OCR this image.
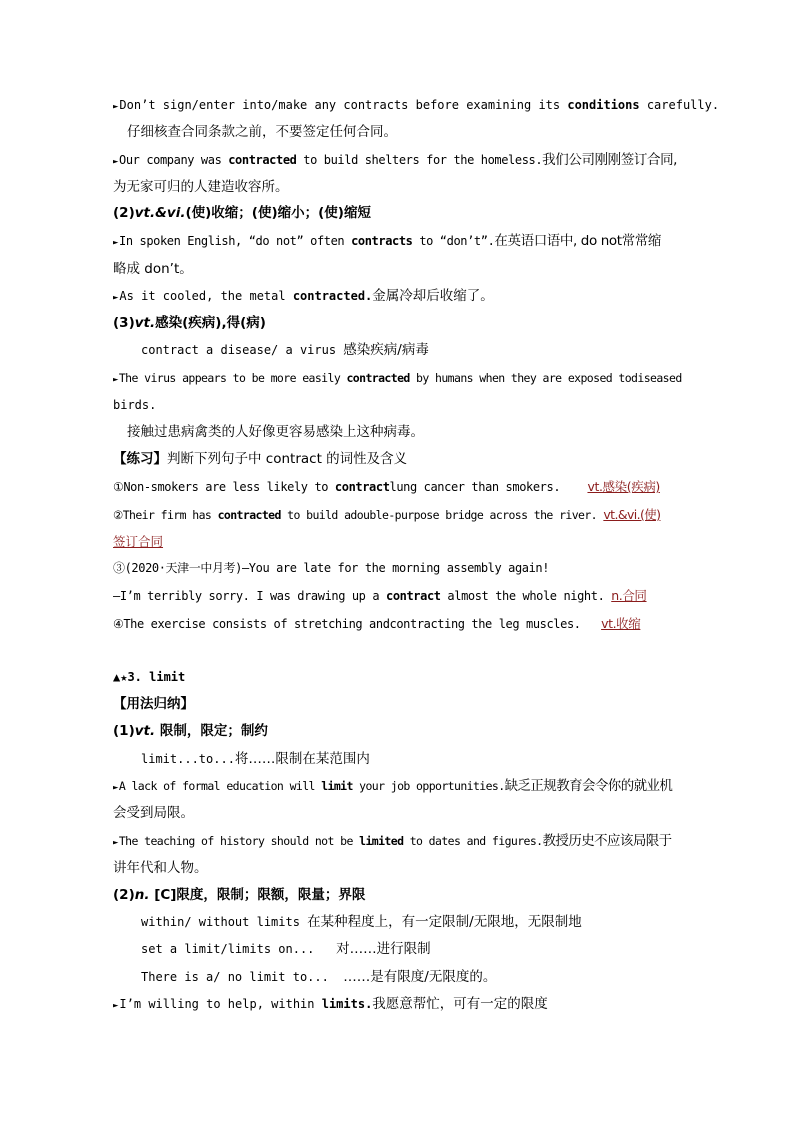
►Don’t sign/enter into/make any contracts before examining its conditions carefully.
仔细核查合同条款之前，不要签定任何合同。
►Our company was contracted to build shelters for the homeless.我们公司刚刚签订合同,
为无家可归的人建造收容所。
(2)vt.&vi.(使)收缩；(使)缩小；(使)缩短
►In spoken English, “do not” often contracts to “don’t”.在英语口语中, do not常常缩
略成 don’t。
►As it cooled, the metal contracted.金属冷却后收缩了。
(3)vt.感染(疾病),得(病)
contract a disease/ a virus 感染疾病/病毒
►The virus appears to be more easily contracted by humans when they are exposed todiseased
birds.
接触过患病禽类的人好像更容易感染上这种病毒。
【练习】判断下列句子中 contract 的词性及含义
①Non-smokers are less likely to contractlung cancer than smokers. vt.感染(疾病)
②Their firm has contracted to build adouble-purpose bridge across the river. vt.&vi.(使)
签订合同
③(2020·天津一中月考)—You are late for the morning assembly again!
—I’m terribly sorry. I was drawing up a contract almost the whole night. n.合同
④The exercise consists of stretching andcontracting the leg muscles. vt.收缩
▲★3. limit
【用法归纳】
(1)vt. 限制，限定；制约
limit...to...将……限制在某范围内
►A lack of formal education will limit your job opportunities.缺乏正规教育会令你的就业机
会受到局限。
►The teaching of history should not be limited to dates and figures.教授历史不应该局限于
讲年代和人物。
(2)n. [C]限度，限制；限额，限量；界限
within/ without limits 在某种程度上，有一定限制/无限地，无限制地
set a limit/limits on...   对……进行限制
There is a/ no limit to...  ……是有限度/无限度的。
►I’m willing to help, within limits.我愿意帮忙，可有一定的限度
